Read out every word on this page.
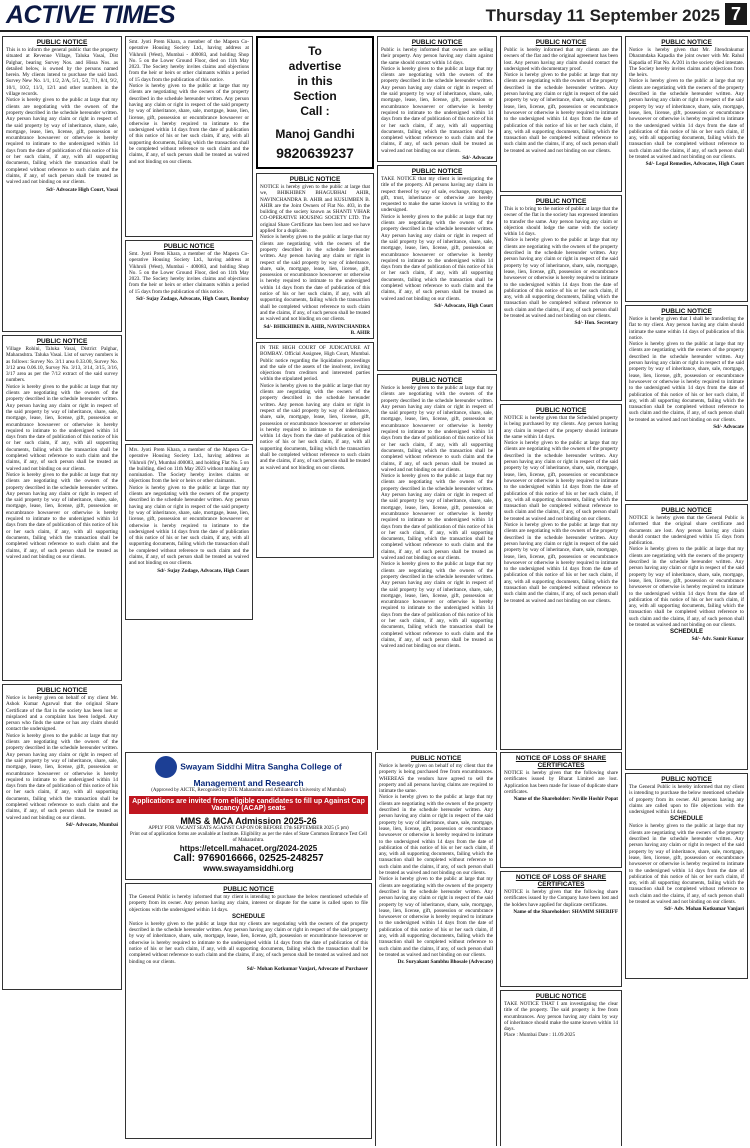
ACTIVE TIMES	Thursday 11 September 2025 7
PUBLIC NOTICE

This is to inform the general public that the property situated at Revenue Village, Taluka Vasai, Dist Palghar, bearing Survey Nos. and Hissa Nos. as detailed below, is owned by the persons named herein. My clients intend to purchase the said land. Survey New No. 1/1, 1/2, 2/A, 5/1, 5/2, 7/1, 8/4, 9/2, 10/1, 10/2, 11/3, 12/1 and other numbers in the village records.

Notice is hereby given to the public at large that my clients are negotiating with the owners of the property described in the schedule hereunder written. Any person having any claim or right in respect of the said property by way of inheritance, share, sale, mortgage, lease, lien, license, gift, possession or encumbrance howsoever or otherwise is hereby required to intimate to the undersigned within 14 days from the date of publication of this notice of his or her such claim, if any, with all supporting documents, failing which the transaction shall be completed without reference to such claim and the claims, if any, of such person shall be treated as waived and not binding on our clients.

Sd/- Advocate High Court, Vasai

PUBLIC NOTICE

Village Rohini, Taluka Vasai, District Palghar, Maharashtra. Taluka Vasai. List of survey numbers is as follows: Survey No. 3/11 area 0.33.00, Survey No. 3/12 area 0.06.10, Survey No. 3/13, 3/14, 3/15, 3/16, 3/17 area as per the 7/12 extract of the said survey numbers.

Notice is hereby given to the public at large that my clients are negotiating with the owners of the property described in the schedule hereunder written. Any person having any claim or right in respect of the said property by way of inheritance, share, sale, mortgage, lease, lien, license, gift, possession or encumbrance howsoever or otherwise is hereby required to intimate to the undersigned within 14 days from the date of publication of this notice of his or her such claim, if any, with all supporting documents, failing which the transaction shall be completed without reference to such claim and the claims, if any, of such person shall be treated as waived and not binding on our clients.

Notice is hereby given to the public at large that my clients are negotiating with the owners of the property described in the schedule hereunder written. Any person having any claim or right in respect of the said property by way of inheritance, share, sale, mortgage, lease, lien, license, gift, possession or encumbrance howsoever or otherwise is hereby required to intimate to the undersigned within 14 days from the date of publication of this notice of his or her such claim, if any, with all supporting documents, failing which the transaction shall be completed without reference to such claim and the claims, if any, of such person shall be treated as waived and not binding on our clients.

PUBLIC NOTICE

Notice is hereby given on behalf of my client Mr. Ashok Kumar Agarwal that the original Share Certificate of the flat in the society has been lost or misplaced and a complaint has been lodged. Any person who finds the same or has any claim should contact the undersigned.

Notice is hereby given to the public at large that my clients are negotiating with the owners of the property described in the schedule hereunder written. Any person having any claim or right in respect of the said property by way of inheritance, share, sale, mortgage, lease, lien, license, gift, possession or encumbrance howsoever or otherwise is hereby required to intimate to the undersigned within 14 days from the date of publication of this notice of his or her such claim, if any, with all supporting documents, failing which the transaction shall be completed without reference to such claim and the claims, if any, of such person shall be treated as waived and not binding on our clients.

Sd/- Advocate, Mumbai

Smt. Jyoti Prem Khara, a member of the Mapera Co-operative Housing Society Ltd., having address at Vikhroli (West), Mumbai - 400083, and holding Shop No. 5 on the Lower Ground Floor, died on 11th May 2023. The Society hereby invites claims and objections from the heir or heirs or other claimants within a period of 15 days from the publication of this notice.

Notice is hereby given to the public at large that my clients are negotiating with the owners of the property described in the schedule hereunder written. Any person having any claim or right in respect of the said property by way of inheritance, share, sale, mortgage, lease, lien, license, gift, possession or encumbrance howsoever or otherwise is hereby required to intimate to the undersigned within 14 days from the date of publication of this notice of his or her such claim, if any, with all supporting documents, failing which the transaction shall be completed without reference to such claim and the claims, if any, of such person shall be treated as waived and not binding on our clients.

PUBLIC NOTICE

Smt. Jyoti Prem Khara, a member of the Mapera Co-operative Housing Society Ltd., having address at Vikhroli (West), Mumbai - 400083, and holding Shop No. 5 on the Lower Ground Floor, died on 11th May 2023. The Society hereby invites claims and objections from the heir or heirs or other claimants within a period of 15 days from the publication of this notice.

Sd/- Sujay Zodage, Advocate, High Court, Bombay

Mrs. Jyoti Prem Khara, a member of the Mapera Co-operative Housing Society Ltd., having address at Vikhroli (W), Mumbai 400083, and holding Flat No. 5 on the building, died on 11th May 2023 without making any nomination. The Society hereby invites claims or objections from the heir or heirs or other claimants.

Notice is hereby given to the public at large that my clients are negotiating with the owners of the property described in the schedule hereunder written. Any person having any claim or right in respect of the said property by way of inheritance, share, sale, mortgage, lease, lien, license, gift, possession or encumbrance howsoever or otherwise is hereby required to intimate to the undersigned within 14 days from the date of publication of this notice of his or her such claim, if any, with all supporting documents, failing which the transaction shall be completed without reference to such claim and the claims, if any, of such person shall be treated as waived and not binding on our clients.

Sd/- Sujay Zodage, Advocate, High Court

To
advertise
in this
Section
Call :
Manoj Gandhi
9820639237
PUBLIC NOTICE

NOTICE is hereby given to the public at large that we, BHIKHIBEN BHAGUBHAI AHIR, NAVINCHANDRA B. AHIR and KUSUMBEN B. AHIR are the Joint Owners of Flat No. 403, in the building of the society known as SHANTI VIHAR CO-OPERATIVE HOUSING SOCIETY LTD. The original Share Certificate has been lost and we have applied for a duplicate.

Notice is hereby given to the public at large that my clients are negotiating with the owners of the property described in the schedule hereunder written. Any person having any claim or right in respect of the said property by way of inheritance, share, sale, mortgage, lease, lien, license, gift, possession or encumbrance howsoever or otherwise is hereby required to intimate to the undersigned within 14 days from the date of publication of this notice of his or her such claim, if any, with all supporting documents, failing which the transaction shall be completed without reference to such claim and the claims, if any, of such person shall be treated as waived and not binding on our clients.

Sd/- BHIKHIBEN B. AHIR, NAVINCHANDRA B. AHIR

IN THE HIGH COURT OF JUDICATURE AT BOMBAY. Official Assignee, High Court, Mumbai. Public notice regarding the liquidation proceedings and the sale of the assets of the insolvent, inviting objections from creditors and interested parties within the stipulated period.

Notice is hereby given to the public at large that my clients are negotiating with the owners of the property described in the schedule hereunder written. Any person having any claim or right in respect of the said property by way of inheritance, share, sale, mortgage, lease, lien, license, gift, possession or encumbrance howsoever or otherwise is hereby required to intimate to the undersigned within 14 days from the date of publication of this notice of his or her such claim, if any, with all supporting documents, failing which the transaction shall be completed without reference to such claim and the claims, if any, of such person shall be treated as waived and not binding on our clients.

PUBLIC NOTICE

Public is hereby informed that owners are selling their property. Any person having any claim against the same should contact within 14 days.

Notice is hereby given to the public at large that my clients are negotiating with the owners of the property described in the schedule hereunder written. Any person having any claim or right in respect of the said property by way of inheritance, share, sale, mortgage, lease, lien, license, gift, possession or encumbrance howsoever or otherwise is hereby required to intimate to the undersigned within 14 days from the date of publication of this notice of his or her such claim, if any, with all supporting documents, failing which the transaction shall be completed without reference to such claim and the claims, if any, of such person shall be treated as waived and not binding on our clients.

Sd/- Advocate

PUBLIC NOTICE

TAKE NOTICE that my client is investigating the title of the property. All persons having any claim in respect thereof by way of sale, exchange, mortgage, gift, trust, inheritance or otherwise are hereby requested to make the same known in writing to the undersigned.

Notice is hereby given to the public at large that my clients are negotiating with the owners of the property described in the schedule hereunder written. Any person having any claim or right in respect of the said property by way of inheritance, share, sale, mortgage, lease, lien, license, gift, possession or encumbrance howsoever or otherwise is hereby required to intimate to the undersigned within 14 days from the date of publication of this notice of his or her such claim, if any, with all supporting documents, failing which the transaction shall be completed without reference to such claim and the claims, if any, of such person shall be treated as waived and not binding on our clients.

Sd/- Advocate, High Court

PUBLIC NOTICE

Notice is hereby given to the public at large that my clients are negotiating with the owners of the property described in the schedule hereunder written. Any person having any claim or right in respect of the said property by way of inheritance, share, sale, mortgage, lease, lien, license, gift, possession or encumbrance howsoever or otherwise is hereby required to intimate to the undersigned within 14 days from the date of publication of this notice of his or her such claim, if any, with all supporting documents, failing which the transaction shall be completed without reference to such claim and the claims, if any, of such person shall be treated as waived and not binding on our clients.

Notice is hereby given to the public at large that my clients are negotiating with the owners of the property described in the schedule hereunder written. Any person having any claim or right in respect of the said property by way of inheritance, share, sale, mortgage, lease, lien, license, gift, possession or encumbrance howsoever or otherwise is hereby required to intimate to the undersigned within 14 days from the date of publication of this notice of his or her such claim, if any, with all supporting documents, failing which the transaction shall be completed without reference to such claim and the claims, if any, of such person shall be treated as waived and not binding on our clients.

Notice is hereby given to the public at large that my clients are negotiating with the owners of the property described in the schedule hereunder written. Any person having any claim or right in respect of the said property by way of inheritance, share, sale, mortgage, lease, lien, license, gift, possession or encumbrance howsoever or otherwise is hereby required to intimate to the undersigned within 14 days from the date of publication of this notice of his or her such claim, if any, with all supporting documents, failing which the transaction shall be completed without reference to such claim and the claims, if any, of such person shall be treated as waived and not binding on our clients.

PUBLIC NOTICE

Public is hereby informed that my clients are the owners of the flat and the original agreement has been lost. Any person having any claim should contact the undersigned with documentary proof.

Notice is hereby given to the public at large that my clients are negotiating with the owners of the property described in the schedule hereunder written. Any person having any claim or right in respect of the said property by way of inheritance, share, sale, mortgage, lease, lien, license, gift, possession or encumbrance howsoever or otherwise is hereby required to intimate to the undersigned within 14 days from the date of publication of this notice of his or her such claim, if any, with all supporting documents, failing which the transaction shall be completed without reference to such claim and the claims, if any, of such person shall be treated as waived and not binding on our clients.

PUBLIC NOTICE

This is to bring to the notice of public at large that the owner of the flat in the society has expressed intention to transfer the same. Any person having any claim or objection should lodge the same with the society within 14 days.

Notice is hereby given to the public at large that my clients are negotiating with the owners of the property described in the schedule hereunder written. Any person having any claim or right in respect of the said property by way of inheritance, share, sale, mortgage, lease, lien, license, gift, possession or encumbrance howsoever or otherwise is hereby required to intimate to the undersigned within 14 days from the date of publication of this notice of his or her such claim, if any, with all supporting documents, failing which the transaction shall be completed without reference to such claim and the claims, if any, of such person shall be treated as waived and not binding on our clients.

Sd/- Hon. Secretary

PUBLIC NOTICE

NOTICE is hereby given that the Scheduled property is being purchased by my clients. Any person having any claim in respect of the property should intimate the same within 14 days.

Notice is hereby given to the public at large that my clients are negotiating with the owners of the property described in the schedule hereunder written. Any person having any claim or right in respect of the said property by way of inheritance, share, sale, mortgage, lease, lien, license, gift, possession or encumbrance howsoever or otherwise is hereby required to intimate to the undersigned within 14 days from the date of publication of this notice of his or her such claim, if any, with all supporting documents, failing which the transaction shall be completed without reference to such claim and the claims, if any, of such person shall be treated as waived and not binding on our clients.

Notice is hereby given to the public at large that my clients are negotiating with the owners of the property described in the schedule hereunder written. Any person having any claim or right in respect of the said property by way of inheritance, share, sale, mortgage, lease, lien, license, gift, possession or encumbrance howsoever or otherwise is hereby required to intimate to the undersigned within 14 days from the date of publication of this notice of his or her such claim, if any, with all supporting documents, failing which the transaction shall be completed without reference to such claim and the claims, if any, of such person shall be treated as waived and not binding on our clients.

PUBLIC NOTICE

Notice is hereby given that Mr. Jitendrakumar Dharamdaka Kapadia the joint owner with Mr. Rahul Kapadia of Flat No. A/201 in the society died intestate. The Society hereby invites claims and objections from the heirs.

Notice is hereby given to the public at large that my clients are negotiating with the owners of the property described in the schedule hereunder written. Any person having any claim or right in respect of the said property by way of inheritance, share, sale, mortgage, lease, lien, license, gift, possession or encumbrance howsoever or otherwise is hereby required to intimate to the undersigned within 14 days from the date of publication of this notice of his or her such claim, if any, with all supporting documents, failing which the transaction shall be completed without reference to such claim and the claims, if any, of such person shall be treated as waived and not binding on our clients.

Sd/- Legal Remedies, Advocates, High Court

PUBLIC NOTICE

Notice is hereby given that I shall be transferring the flat to my client. Any person having any claim should intimate the same within 14 days of publication of this notice.

Notice is hereby given to the public at large that my clients are negotiating with the owners of the property described in the schedule hereunder written. Any person having any claim or right in respect of the said property by way of inheritance, share, sale, mortgage, lease, lien, license, gift, possession or encumbrance howsoever or otherwise is hereby required to intimate to the undersigned within 14 days from the date of publication of this notice of his or her such claim, if any, with all supporting documents, failing which the transaction shall be completed without reference to such claim and the claims, if any, of such person shall be treated as waived and not binding on our clients.

Sd/- Advocate

PUBLIC NOTICE

NOTICE is hereby given that the General Public is informed that the original share certificate and documents are lost. Any person having any claim should contact the undersigned within 15 days from publication.

Notice is hereby given to the public at large that my clients are negotiating with the owners of the property described in the schedule hereunder written. Any person having any claim or right in respect of the said property by way of inheritance, share, sale, mortgage, lease, lien, license, gift, possession or encumbrance howsoever or otherwise is hereby required to intimate to the undersigned within 14 days from the date of publication of this notice of his or her such claim, if any, with all supporting documents, failing which the transaction shall be completed without reference to such claim and the claims, if any, of such person shall be treated as waived and not binding on our clients.

SCHEDULE

Sd/- Adv. Samir Kumar

PUBLIC NOTICE

The General Public is hereby informed that my client is intending to purchase the below mentioned schedule of property from its owner. All persons having any claims are called upon to file objections with the undersigned within 14 days.

SCHEDULE

Notice is hereby given to the public at large that my clients are negotiating with the owners of the property described in the schedule hereunder written. Any person having any claim or right in respect of the said property by way of inheritance, share, sale, mortgage, lease, lien, license, gift, possession or encumbrance howsoever or otherwise is hereby required to intimate to the undersigned within 14 days from the date of publication of this notice of his or her such claim, if any, with all supporting documents, failing which the transaction shall be completed without reference to such claim and the claims, if any, of such person shall be treated as waived and not binding on our clients.

Sd/- Adv. Mohan Kotkumar Vanjari

Swayam Siddhi Mitra Sangha College of Management and Research
(Approved by AICTE, Recognised by DTE Maharashtra and Affiliated to University of Mumbai)
Applications are invited from eligible candidates to fill up Against Cap Vacancy (ACAP) seats
MMS & MCA Admission 2025-26
APPLY FOR VACANT SEATS AGAINST CAP ON OR BEFORE 17th SEPTEMBER 2025 (5 pm)
Print out of application forms are available at Institute. Eligibility as per the rules of State Common Entrance Test Cell of Maharashtra.
https://etcell.mahacet.org/2024-2025
Call: 9769016666, 02525-248257
www.swayamsiddhi.org
PUBLIC NOTICE

The General Public is hereby informed that my client is intending to purchase the below mentioned schedule of property from its owner. Any person having any claim, interest or dispute for the same is called upon to file objections with the undersigned within 14 days.

SCHEDULE

Notice is hereby given to the public at large that my clients are negotiating with the owners of the property described in the schedule hereunder written. Any person having any claim or right in respect of the said property by way of inheritance, share, sale, mortgage, lease, lien, license, gift, possession or encumbrance howsoever or otherwise is hereby required to intimate to the undersigned within 14 days from the date of publication of this notice of his or her such claim, if any, with all supporting documents, failing which the transaction shall be completed without reference to such claim and the claims, if any, of such person shall be treated as waived and not binding on our clients.

Sd/- Mohan Kotkumar Vanjari, Advocate of Purchaser

PUBLIC NOTICE

Notice is hereby given on behalf of my client that the property is being purchased free from encumbrances. WHEREAS the vendors have agreed to sell the property and all persons having claims are required to intimate the same.

Notice is hereby given to the public at large that my clients are negotiating with the owners of the property described in the schedule hereunder written. Any person having any claim or right in respect of the said property by way of inheritance, share, sale, mortgage, lease, lien, license, gift, possession or encumbrance howsoever or otherwise is hereby required to intimate to the undersigned within 14 days from the date of publication of this notice of his or her such claim, if any, with all supporting documents, failing which the transaction shall be completed without reference to such claim and the claims, if any, of such person shall be treated as waived and not binding on our clients.

Notice is hereby given to the public at large that my clients are negotiating with the owners of the property described in the schedule hereunder written. Any person having any claim or right in respect of the said property by way of inheritance, share, sale, mortgage, lease, lien, license, gift, possession or encumbrance howsoever or otherwise is hereby required to intimate to the undersigned within 14 days from the date of publication of this notice of his or her such claim, if any, with all supporting documents, failing which the transaction shall be completed without reference to such claim and the claims, if any, of such person shall be treated as waived and not binding on our clients.

Dr. Suryakant Sambhu Bhosale (Advocate)

NOTICE OF LOSS OF SHARE CERTIFICATES

NOTICE is hereby given that the following share certificates issued by Bharat Limited are lost. Application has been made for issue of duplicate share certificates.

Name of the Shareholder: Neville Hoshir Popat

NOTICE OF LOSS OF SHARE CERTIFICATES

NOTICE is hereby given that the following share certificates issued by the Company have been lost and the holders have applied for duplicate certificates.

Name of the Shareholder: SHAMIM SHERIFF

PUBLIC NOTICE

TAKE NOTICE THAT I am investigating the clear title of the property. The said property is free from encumbrances. Any person having any claim by way of inheritance should make the same known within 14 days.

Place : Mumbai Date : 11.09.2025
